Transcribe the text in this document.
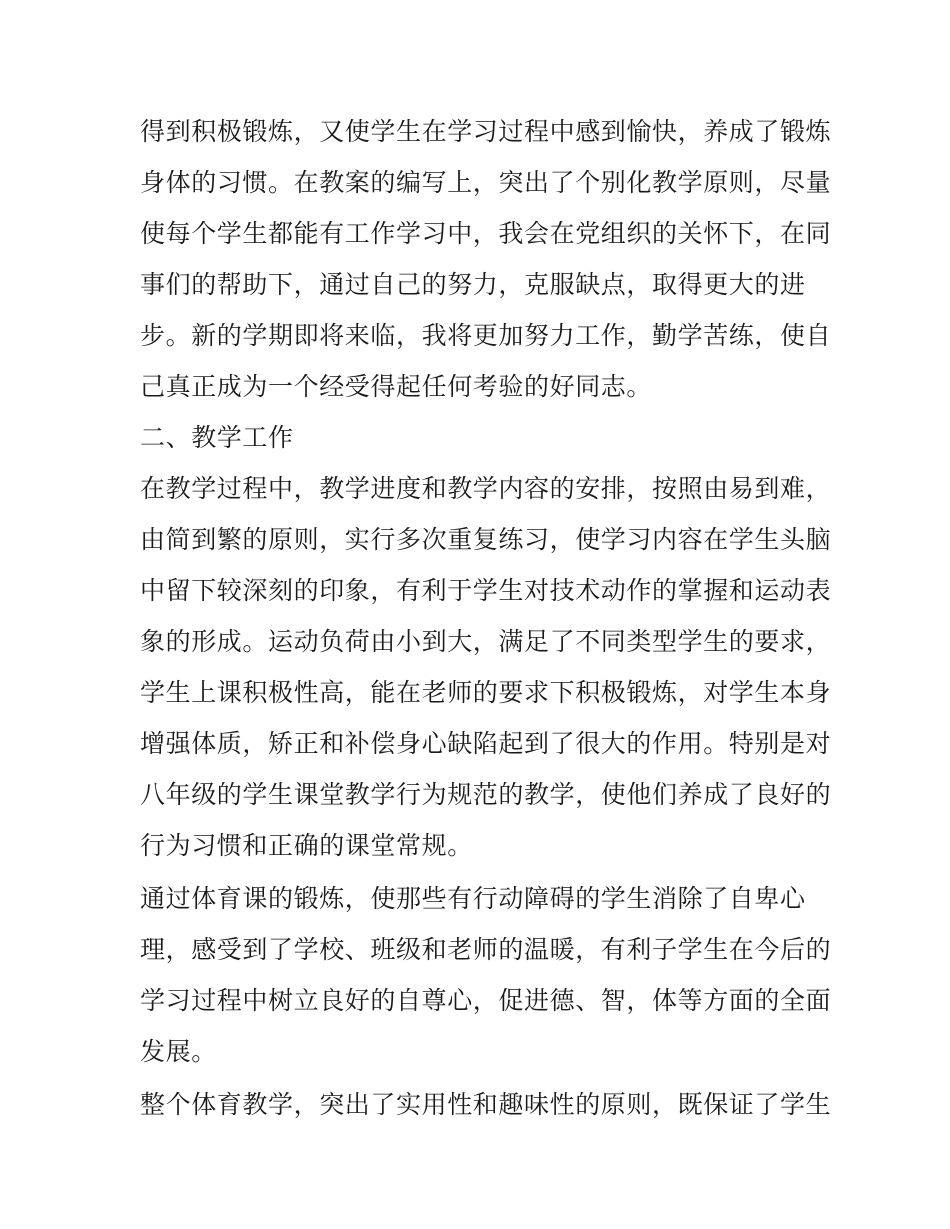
得到积极锻炼，又使学生在学习过程中感到愉快，养成了锻炼
身体的习惯。在教案的编写上，突出了个别化教学原则，尽量
使每个学生都能有工作学习中，我会在党组织的关怀下，在同
事们的帮助下，通过自己的努力，克服缺点，取得更大的进
步。新的学期即将来临，我将更加努力工作，勤学苦练，使自
己真正成为一个经受得起任何考验的好同志。
二、教学工作
在教学过程中，教学进度和教学内容的安排，按照由易到难，
由简到繁的原则，实行多次重复练习，使学习内容在学生头脑
中留下较深刻的印象，有利于学生对技术动作的掌握和运动表
象的形成。运动负荷由小到大，满足了不同类型学生的要求，
学生上课积极性高，能在老师的要求下积极锻炼，对学生本身
增强体质，矫正和补偿身心缺陷起到了很大的作用。特别是对
八年级的学生课堂教学行为规范的教学，使他们养成了良好的
行为习惯和正确的课堂常规。
通过体育课的锻炼，使那些有行动障碍的学生消除了自卑心
理，感受到了学校、班级和老师的温暖，有利子学生在今后的
学习过程中树立良好的自尊心，促进德、智，体等方面的全面
发展。
整个体育教学，突出了实用性和趣味性的原则，既保证了学生
